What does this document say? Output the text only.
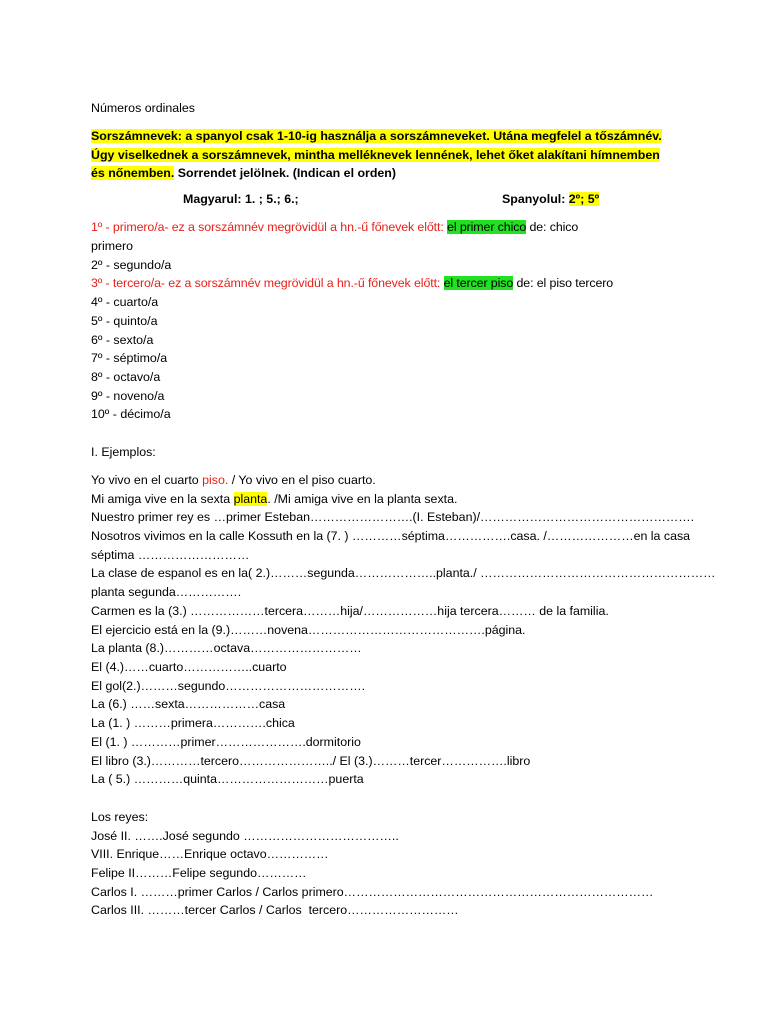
Números ordinales
Sorszámnevek: a spanyol csak 1-10-ig használja a sorszámneveket. Utána megfelel a tőszámnév.
Úgy viselkednek a sorszámnevek, mintha melléknevek lennének, lehet őket alakítani hímnemben
és nőnemben. Sorrendet jelölnek. (Indican el orden)
Magyarul: 1. ; 5.; 6.;	Spanyolul: 2º; 5º
1º - primero/a- ez a sorszámnév megrövidül a hn.-ű főnevek előtt: el primer chico de: chico
primero
2º - segundo/a
3º - tercero/a- ez a sorszámnév megrövidül a hn.-ű főnevek előtt: el tercer piso de: el piso tercero
4º - cuarto/a
5º - quinto/a
6º - sexto/a
7º - séptimo/a
8º - octavo/a
9º - noveno/a
10º - décimo/a
I. Ejemplos:
Yo vivo en el cuarto piso. / Yo vivo en el piso cuarto.
Mi amiga vive en la sexta planta. /Mi amiga vive en la planta sexta.
Nuestro primer rey es …primer Esteban…………………….(I. Esteban)/…………………………………………….
Nosotros vivimos en la calle Kossuth en la (7. ) …………séptima…………….casa. /…………………en la casa
séptima ………………………
La clase de espanol es en la( 2.)………segunda………………..planta./ …………………………………………………
planta segunda…………….
Carmen es la (3.) ………………tercera………hija/………………hija tercera……… de la familia.
El ejercicio está en la (9.)………novena…………………………………….página.
La planta (8.)…………octava………………………
El (4.)……cuarto……………..cuarto
El gol(2.)………segundo…………………………….
La (6.) ……sexta………………casa
La (1. ) ………primera………….chica
El (1. ) …………primer………………….dormitorio
El libro (3.)…………tercero…………………../ El (3.)………tercer…………….libro
La ( 5.) …………quinta………………………puerta
Los reyes:
José II. …….José segundo ………………………………..
VIII. Enrique……Enrique octavo……………
Felipe II………Felipe segundo…………
Carlos I. ………primer Carlos / Carlos primero…………………………………………………………………
Carlos III. ………tercer Carlos / Carlos  tercero………………………
